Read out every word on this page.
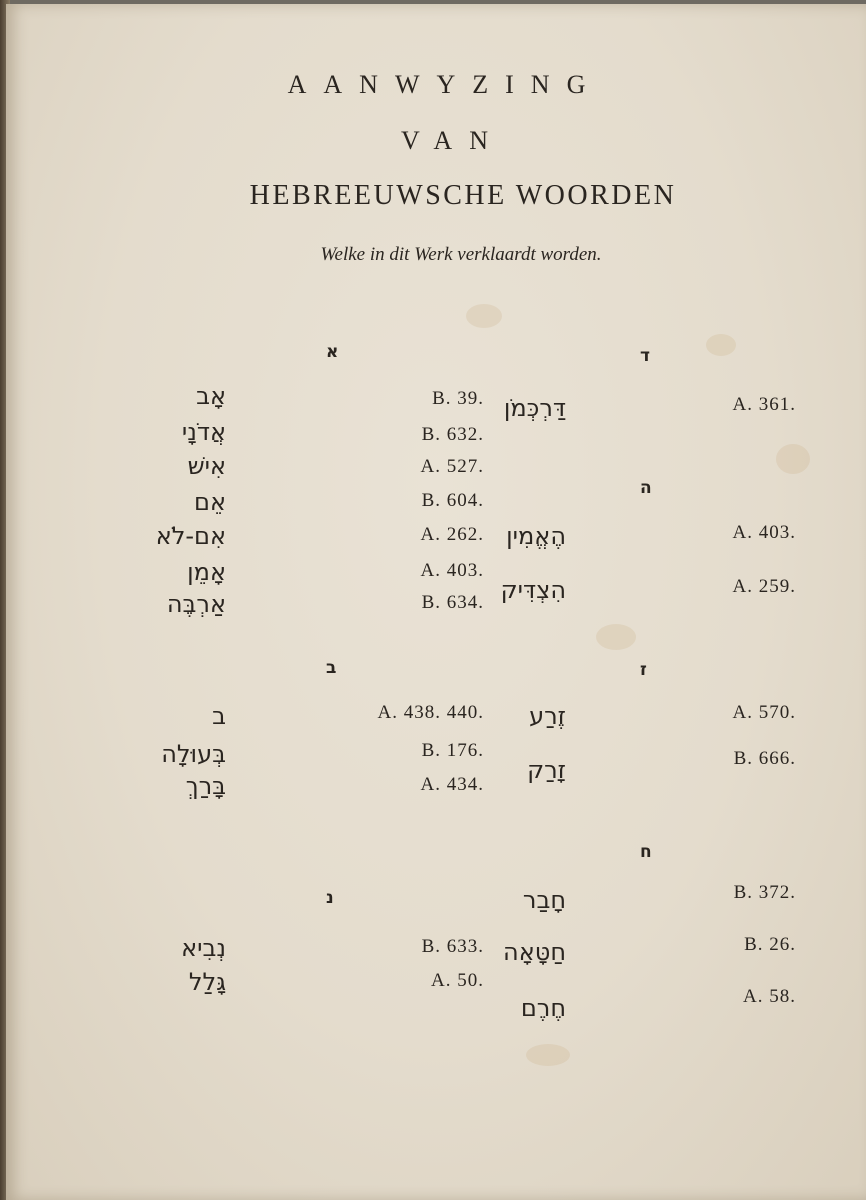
AANWYZING
VAN
HEBREEUWSCHE WOORDEN
Welke in dit Werk verklaardt worden.
א
אָב	B. 39.
אֲדֹנָי	B. 632.
אִישׁ	A. 527.
אֵם	B. 604.
אִם-לֹא	A. 262.
אָמֵן	A. 403.
אַרְבֶּה	B. 634.
ב
ב	A. 438. 440.
בְּעוּלָה	B. 176.
בָּרַךְ	A. 434.
נ
נְבִיא	B. 633.
גָּלַל	A. 50.
ד
דַּרְכְּמֹן	A. 361.
ה
הֶאֱמִין	A. 403.
הִצְדִּיק	A. 259.
ז
זֶרַע	A. 570.
זָרַק	B. 666.
ח
חָבַר	B. 372.
חַטָּאָה	B. 26.
חֶרֶם	A. 58.
